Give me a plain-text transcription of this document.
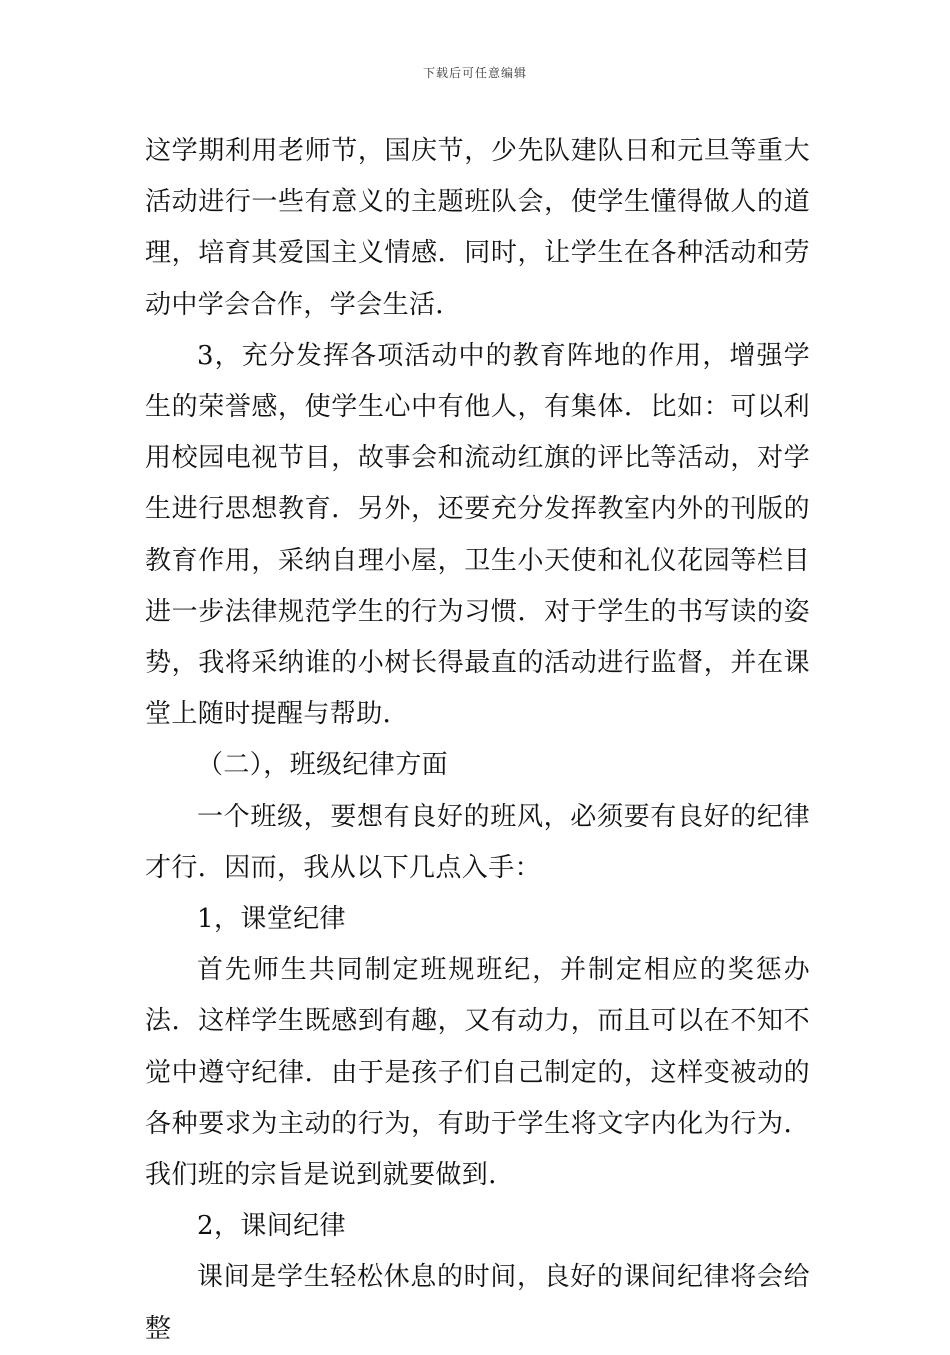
下载后可任意编辑

这学期利用老师节，国庆节，少先队建队日和元旦等重大活动进行一些有意义的主题班队会，使学生懂得做人的道理，培育其爱国主义情感．同时，让学生在各种活动和劳动中学会合作，学会生活．

3，充分发挥各项活动中的教育阵地的作用，增强学生的荣誉感，使学生心中有他人，有集体．比如：可以利用校园电视节目，故事会和流动红旗的评比等活动，对学生进行思想教育．另外，还要充分发挥教室内外的刊版的教育作用，采纳自理小屋，卫生小天使和礼仪花园等栏目进一步法律规范学生的行为习惯．对于学生的书写读的姿势，我将采纳谁的小树长得最直的活动进行监督，并在课堂上随时提醒与帮助．

（二），班级纪律方面

一个班级，要想有良好的班风，必须要有良好的纪律才行．因而，我从以下几点入手：

1，课堂纪律

首先师生共同制定班规班纪，并制定相应的奖惩办法．这样学生既感到有趣，又有动力，而且可以在不知不觉中遵守纪律．由于是孩子们自己制定的，这样变被动的各种要求为主动的行为，有助于学生将文字内化为行为．我们班的宗旨是说到就要做到．

2，课间纪律

课间是学生轻松休息的时间，良好的课间纪律将会给整
